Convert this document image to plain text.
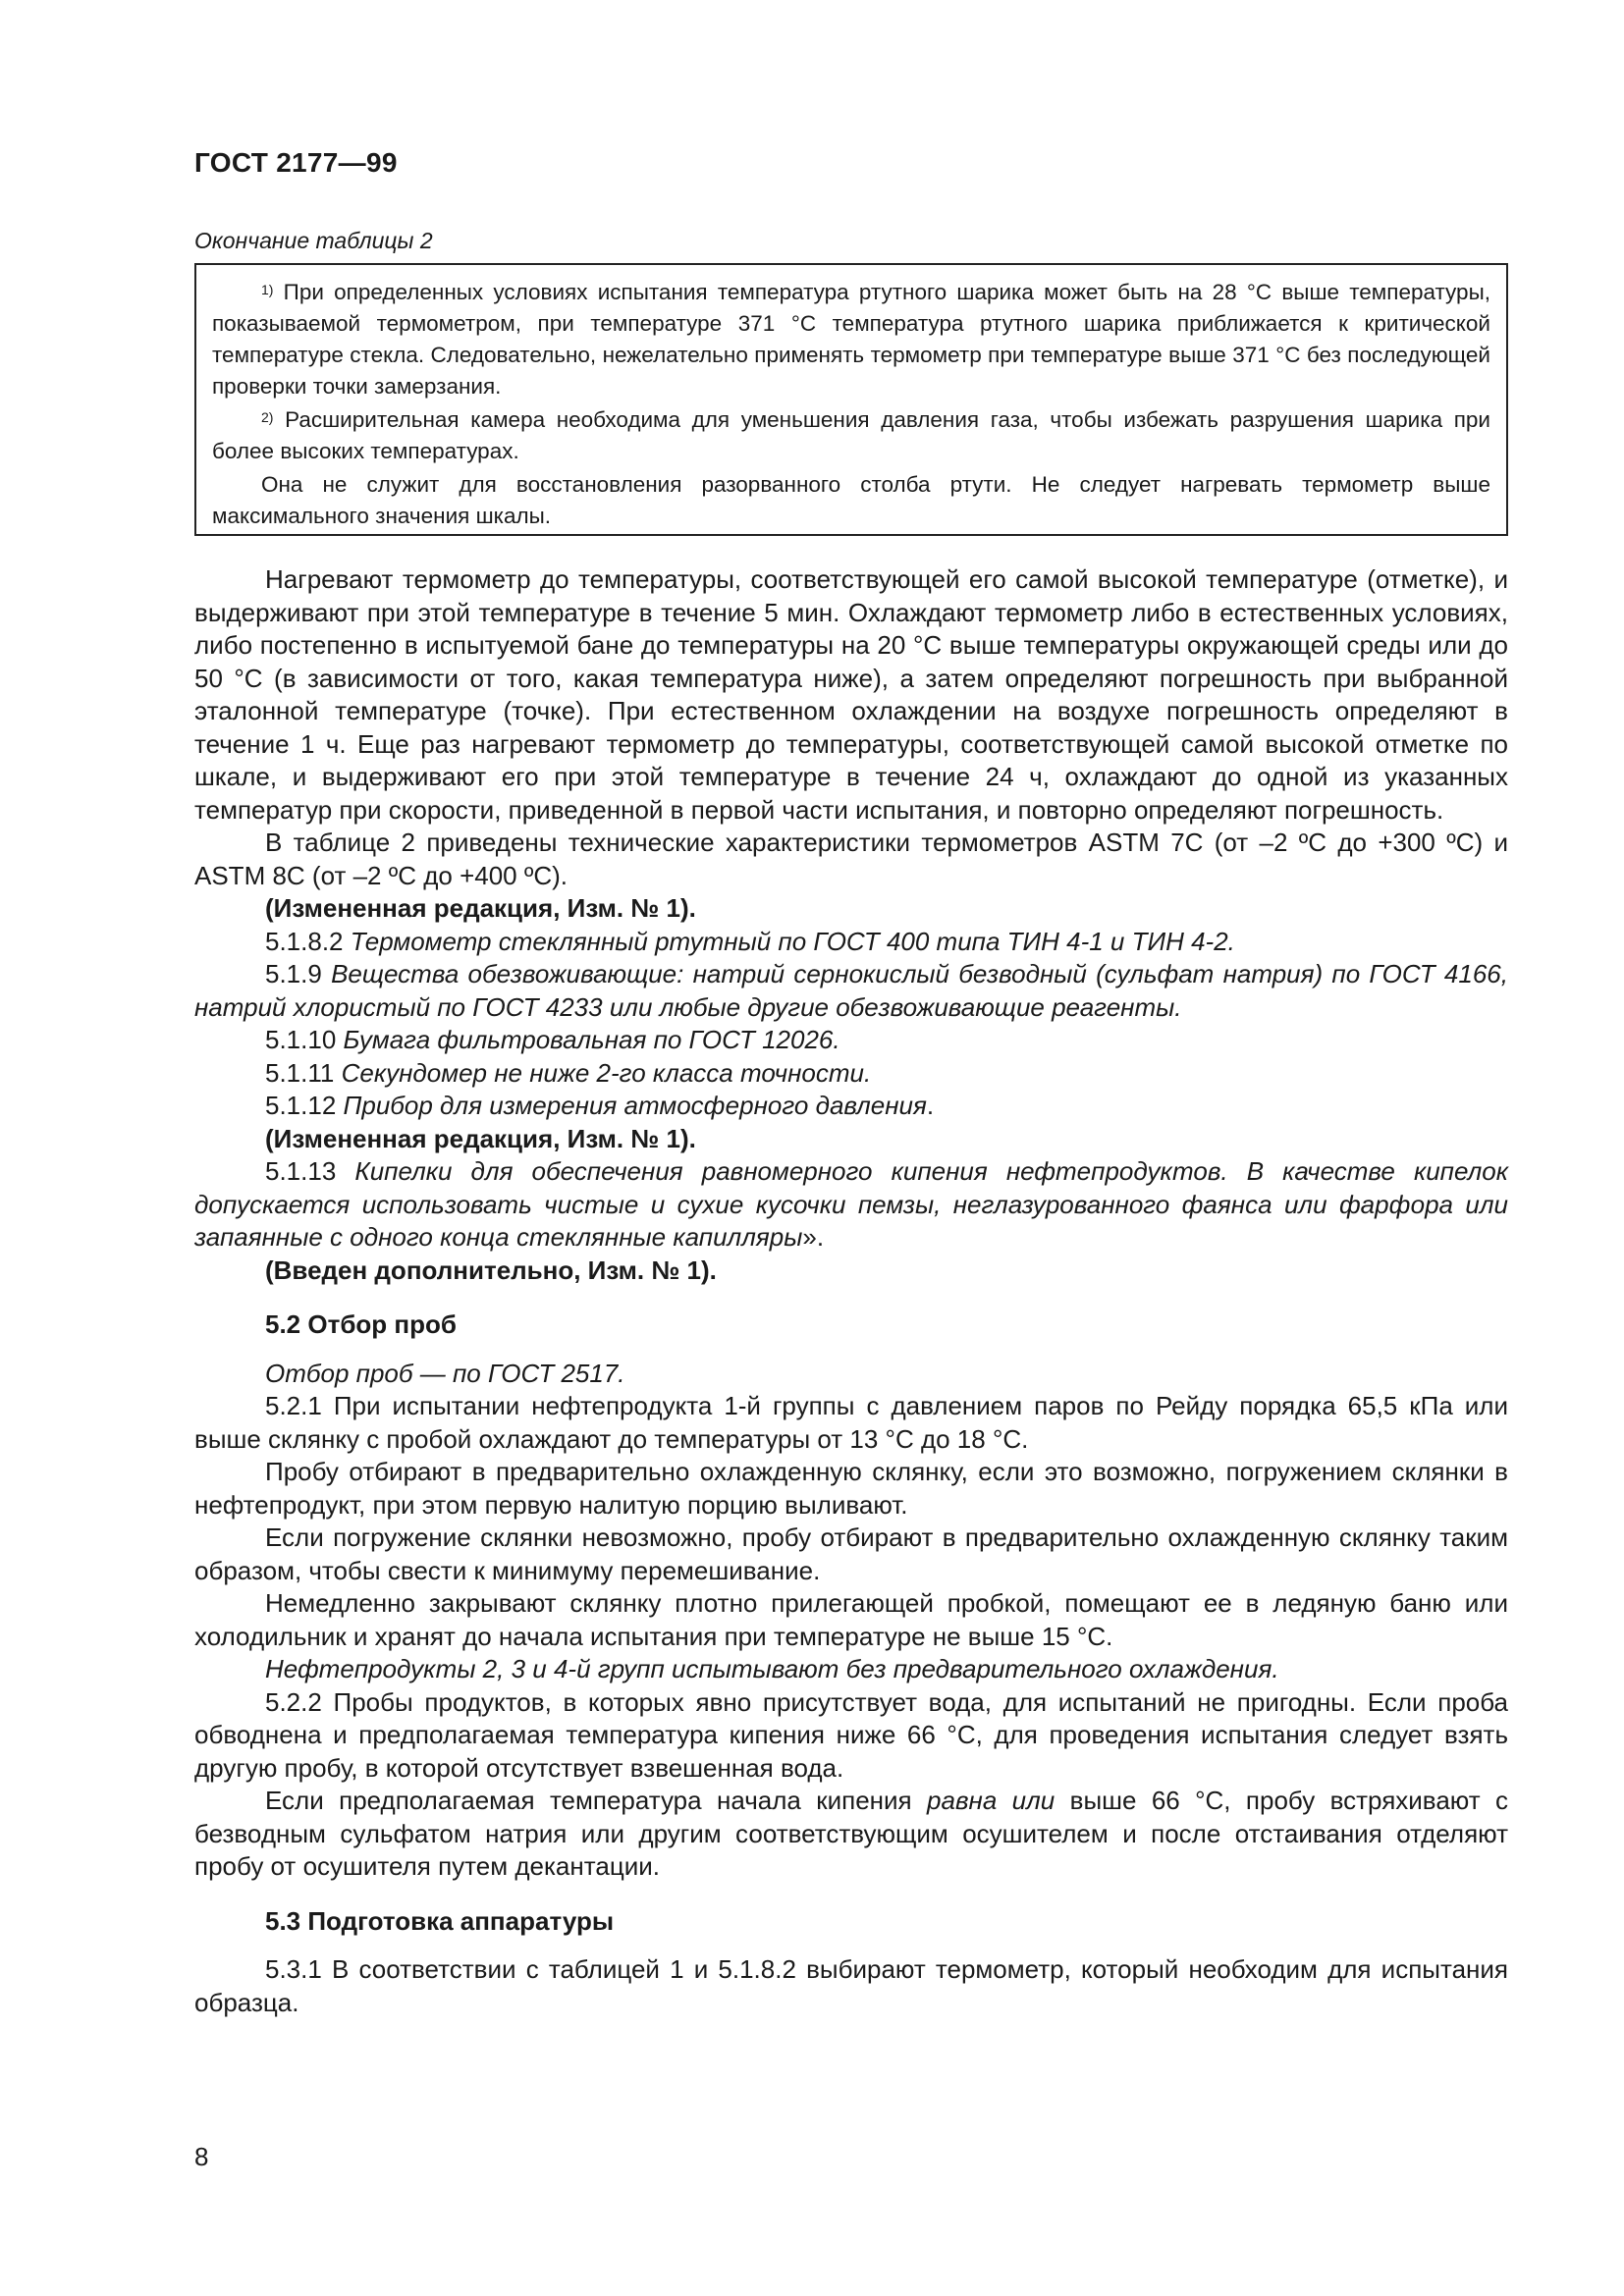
ГОСТ 2177—99
Окончание таблицы 2

$^{1)}$ При определенных условиях испытания температура ртутного шарика может быть на 28 °С выше температуры, показываемой термометром, при температуре 371 °С температура ртутного шарика приближается к критической температуре стекла. Следовательно, нежелательно применять термометр при температуре выше 371 °С без последующей проверки точки замерзания.

$^{2)}$ Расширительная камера необходима для уменьшения давления газа, чтобы избежать разрушения шарика при более высоких температурах.

Она не служит для восстановления разорванного столба ртути. Не следует нагревать термометр выше максимального значения шкалы.

Нагревают термометр до температуры, соответствующей его самой высокой температуре (отметке), и выдерживают при этой температуре в течение 5 мин. Охлаждают термометр либо в естественных условиях, либо постепенно в испытуемой бане до температуры на 20 °С выше температуры окружающей среды или до 50 °С (в зависимости от того, какая температура ниже), а затем определяют погрешность при выбранной эталонной температуре (точке). При естественном охлаждении на воздухе погрешность определяют в течение 1 ч. Еще раз нагревают термометр до температуры, соответствующей самой высокой отметке по шкале, и выдерживают его при этой температуре в течение 24 ч, охлаждают до одной из указанных температур при скорости, приведенной в первой части испытания, и повторно определяют погрешность.

В таблице 2 приведены технические характеристики термометров ASTM 7C (от –2 ºС до +300 ºС) и ASTM 8C (от –2 ºС до +400 ºС).

(Измененная редакция, Изм. № 1).

5.1.8.2 Термометр стеклянный ртутный по ГОСТ 400 типа ТИН 4-1 и ТИН 4-2.

5.1.9 Вещества обезвоживающие: натрий сернокислый безводный (сульфат натрия) по ГОСТ 4166, натрий хлористый по ГОСТ 4233 или любые другие обезвоживающие реагенты.

5.1.10 Бумага фильтровальная по ГОСТ 12026.

5.1.11 Секундомер не ниже 2-го класса точности.

5.1.12 Прибор для измерения атмосферного давления.

(Измененная редакция, Изм. № 1).

5.1.13 Кипелки для обеспечения равномерного кипения нефтепродуктов. В качестве кипелок допускается использовать чистые и сухие кусочки пемзы, неглазурованного фаянса или фарфора или запаянные с одного конца стеклянные капилляры».

(Введен дополнительно, Изм. № 1).

5.2 Отбор проб

Отбор проб — по ГОСТ 2517.

5.2.1 При испытании нефтепродукта 1-й группы с давлением паров по Рейду порядка 65,5 кПа или выше склянку с пробой охлаждают до температуры от 13 °С до 18 °С.

Пробу отбирают в предварительно охлажденную склянку, если это возможно, погружением склянки в нефтепродукт, при этом первую налитую порцию выливают.

Если погружение склянки невозможно, пробу отбирают в предварительно охлажденную склянку таким образом, чтобы свести к минимуму перемешивание.

Немедленно закрывают склянку плотно прилегающей пробкой, помещают ее в ледяную баню или холодильник и хранят до начала испытания при температуре не выше 15 °С.

Нефтепродукты 2, 3 и 4-й групп испытывают без предварительного охлаждения.

5.2.2 Пробы продуктов, в которых явно присутствует вода, для испытаний не пригодны. Если проба обводнена и предполагаемая температура кипения ниже 66 °С, для проведения испытания следует взять другую пробу, в которой отсутствует взвешенная вода.

Если предполагаемая температура начала кипения равна или выше 66 °С, пробу встряхивают с безводным сульфатом натрия или другим соответствующим осушителем и после отстаивания отделяют пробу от осушителя путем декантации.

5.3 Подготовка аппаратуры

5.3.1 В соответствии с таблицей 1 и 5.1.8.2 выбирают термометр, который необходим для испытания образца.

8
